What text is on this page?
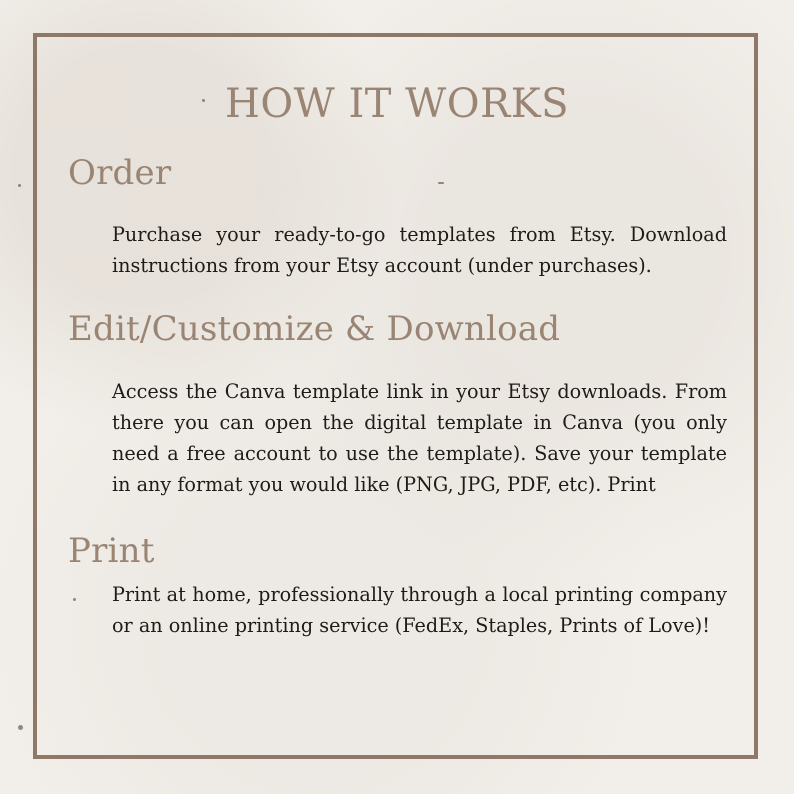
HOW IT WORKS
Order
Purchase your ready-to-go templates from Etsy. Download instructions from your Etsy account (under purchases).
Edit/Customize & Download
Access the Canva template link in your Etsy downloads. From there you can open the digital template in Canva (you only need a free account to use the template). Save your template in any format you would like (PNG, JPG, PDF, etc). Print
Print
Print at home, professionally through a local printing company or an online printing service (FedEx, Staples, Prints of Love)!
